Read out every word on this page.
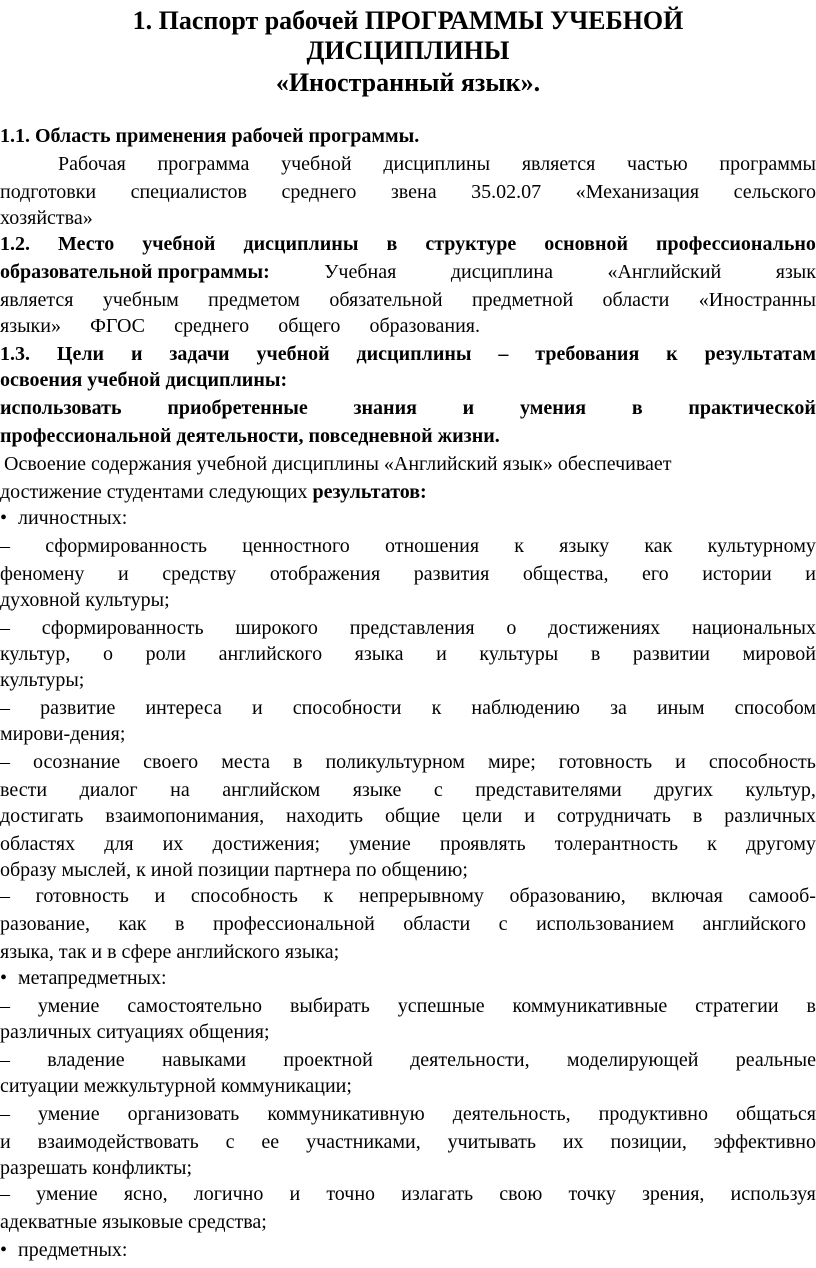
1. Паспорт рабочей ПРОГРАММЫ УЧЕБНОЙ
ДИСЦИПЛИНЫ
«Иностранный язык».
1.1. Область применения рабочей программы.
Рабочая программа учебной дисциплины является частью программы
подготовки специалистов среднего звена 35.02.07 «Механизация сельского
хозяйства»
1.2. Место учебной дисциплины в структуре основной профессионально
образовательной программы:	Учебная	дисциплина	«Английский	язык
является учебным предметом обязательной предметной области «Иностранны
языки» ФГОС среднего общего образования.
1.3. Цели и задачи учебной дисциплины – требования к результатам
освоения учебной дисциплины:
использовать приобретенные знания и умения в практической
профессиональной деятельности, повседневной жизни.
Освоение содержания учебной дисциплины «Английский язык» обеспечивает
достижение студентами следующих результатов:
• личностных:
– сформированность ценностного отношения к языку как культурному
феномену и средству отображения развития общества, его истории и
духовной культуры;
– сформированность широкого представления о достижениях национальных
культур, о роли английского языка и культуры в развитии мировой
культуры;
– развитие интереса и способности к наблюдению за иным способом
мирови-дения;
– осознание своего места в поликультурном мире; готовность и способность
вести диалог на английском языке с представителями других культур,
достигать взаимопонимания, находить общие цели и сотрудничать в различных
областях для их достижения; умение проявлять толерантность к другому
образу мыслей, к иной позиции партнера по общению;
– готовность и способность к непрерывному образованию, включая самооб-
разование, как в профессиональной области с использованием английского
языка, так и в сфере английского языка;
• метапредметных:
– умение самостоятельно выбирать успешные коммуникативные стратегии в
различных ситуациях общения;
– владение навыками проектной деятельности, моделирующей реальные
ситуации межкультурной коммуникации;
– умение организовать коммуникативную деятельность, продуктивно общаться
и взаимодействовать с ее участниками, учитывать их позиции, эффективно
разрешать конфликты;
– умение ясно, логично и точно излагать свою точку зрения, используя
адекватные языковые средства;
• предметных:
